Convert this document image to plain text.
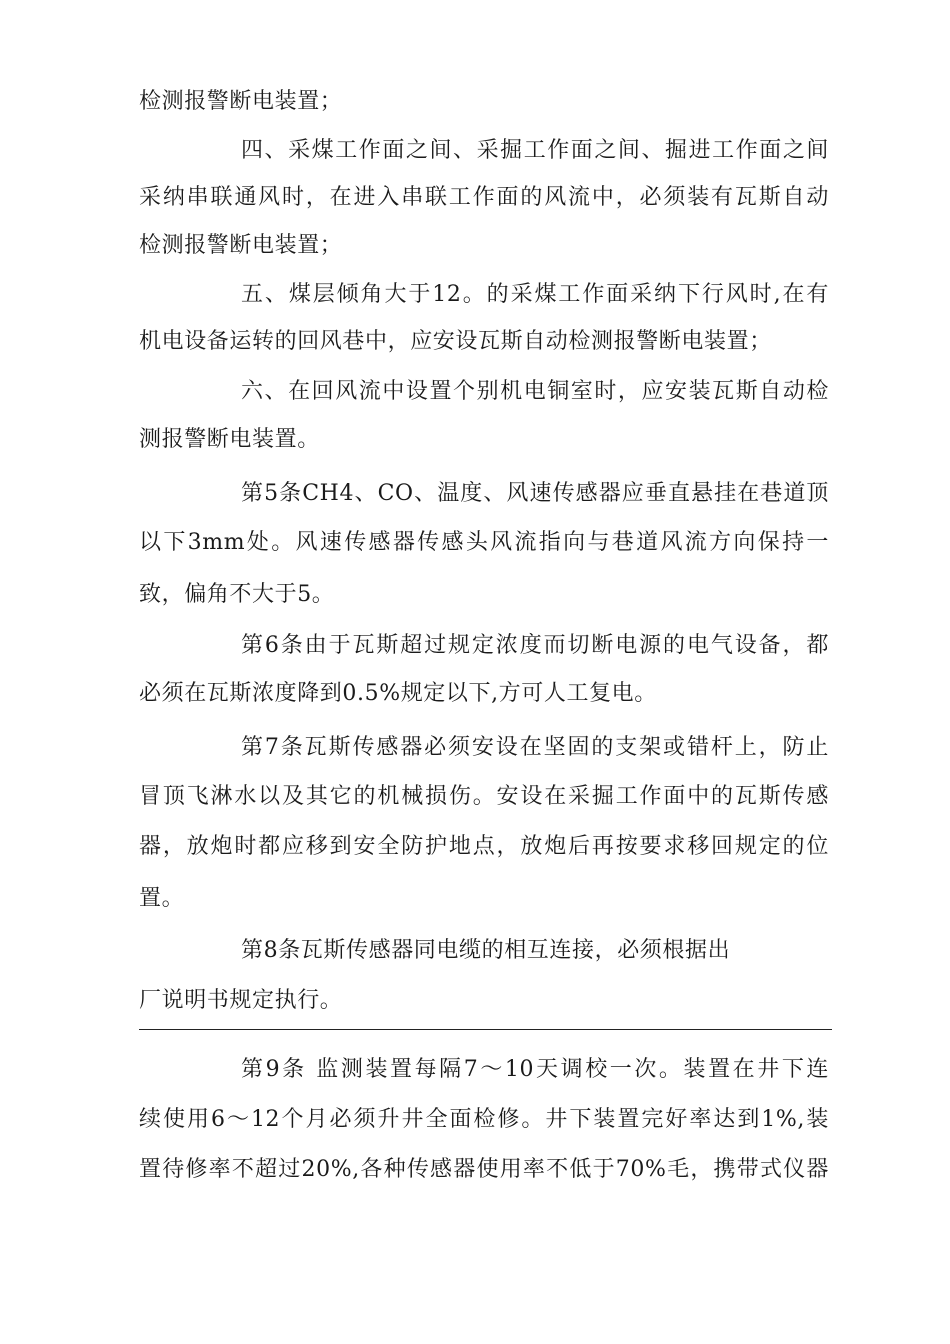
检测报警断电装置；
四、采煤工作面之间、采掘工作面之间、掘进工作面之间
采纳串联通风时，在进入串联工作面的风流中，必须装有瓦斯自动
检测报警断电装置；
五、煤层倾角大于12。的采煤工作面采纳下行风时,在有
机电设备运转的回风巷中，应安设瓦斯自动检测报警断电装置；
六、在回风流中设置个别机电铜室时，应安装瓦斯自动检
测报警断电装置。
第5条CH4、CO、温度、风速传感器应垂直悬挂在巷道顶
以下3mm处。风速传感器传感头风流指向与巷道风流方向保持一
致，偏角不大于5。
第6条由于瓦斯超过规定浓度而切断电源的电气设备，都
必须在瓦斯浓度降到0.5%规定以下,方可人工复电。
第7条瓦斯传感器必须安设在坚固的支架或错杆上，防止
冒顶飞淋水以及其它的机械损伤。安设在采掘工作面中的瓦斯传感
器，放炮时都应移到安全防护地点，放炮后再按要求移回规定的位
置。
第8条瓦斯传感器同电缆的相互连接，必须根据出
厂说明书规定执行。
第9条 监测装置每隔7〜10天调校一次。装置在井下连
续使用6〜12个月必须升井全面检修。井下装置完好率达到1%,装
置待修率不超过20%,各种传感器使用率不低于70%毛，携带式仪器
